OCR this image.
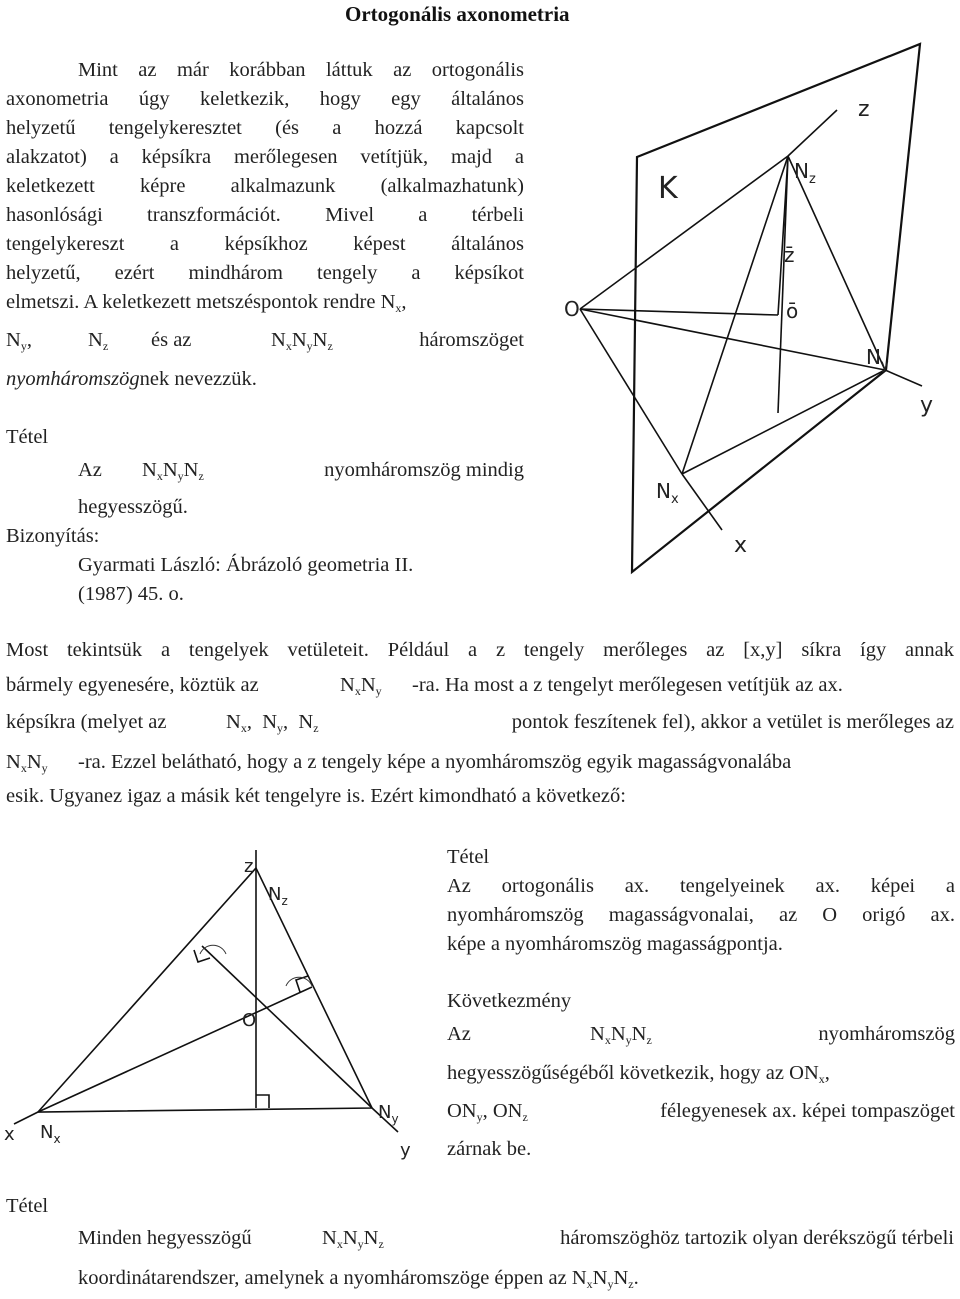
Ortogonális axonometria
Mint az már korábban láttuk az ortogonális
axonometria úgy keletkezik, hogy egy általános
helyzetű tengelykeresztet (és a hozzá kapcsolt
alakzatot) a képsíkra merőlegesen vetítjük, majd a
keletkezett képre alkalmazunk (alkalmazhatunk)
hasonlósági transzformációt. Mivel a térbeli
tengelykereszt a képsíkhoz képest általános
helyzetű, ezért mindhárom tengely a képsíkot
elmetszi. A keletkezett metszéspontok rendre $N_x$,
$N_y$,	$N_z$ és az	$N_xN_yN_z$	háromszöget
nyomháromszögnek nevezzük.
Tétel
Az $N_xN_yN_z$	nyomháromszög mindig
hegyesszögű.
Bizonyítás:
Gyarmati László: Ábrázoló geometria II.
(1987) 45. o.
K
z
$N_z$
z̄
ō
O
$N_y$
y
$N_x$
x
Most tekintsük a tengelyek vetületeit. Például a z tengely merőleges az [x,y] síkra így annak
bármely egyenesére, köztük az	$N_xN_y$ -ra. Ha most a z tengelyt merőlegesen vetítjük az ax.
képsíkra (melyet az	$N_x$, $N_y$, $N_z$	pontok feszítenek fel), akkor a vetület is merőleges az
$N_xN_y$ -ra. Ezzel belátható, hogy a z tengely képe a nyomháromszög egyik magasságvonalába
esik. Ugyanez igaz a másik két tengelyre is. Ezért kimondható a következő:
z
$N_z$
O
x $N_x$
$N_y$
y
Tétel
Az ortogonális ax. tengelyeinek ax. képei a
nyomháromszög magasságvonalai, az O origó ax.
képe a nyomháromszög magasságpontja.
Következmény
Az	$N_xN_yN_z$	nyomháromszög
hegyesszögűségéből következik, hogy az $ON_x$,
$ON_y$, $ON_z$	félegyenesek ax. képei tompaszöget
zárnak be.
Tétel
Minden hegyesszögű	$N_xN_yN_z$	háromszöghöz tartozik olyan derékszögű térbeli
koordinátarendszer, amelynek a nyomháromszöge éppen az $N_xN_yN_z$.
